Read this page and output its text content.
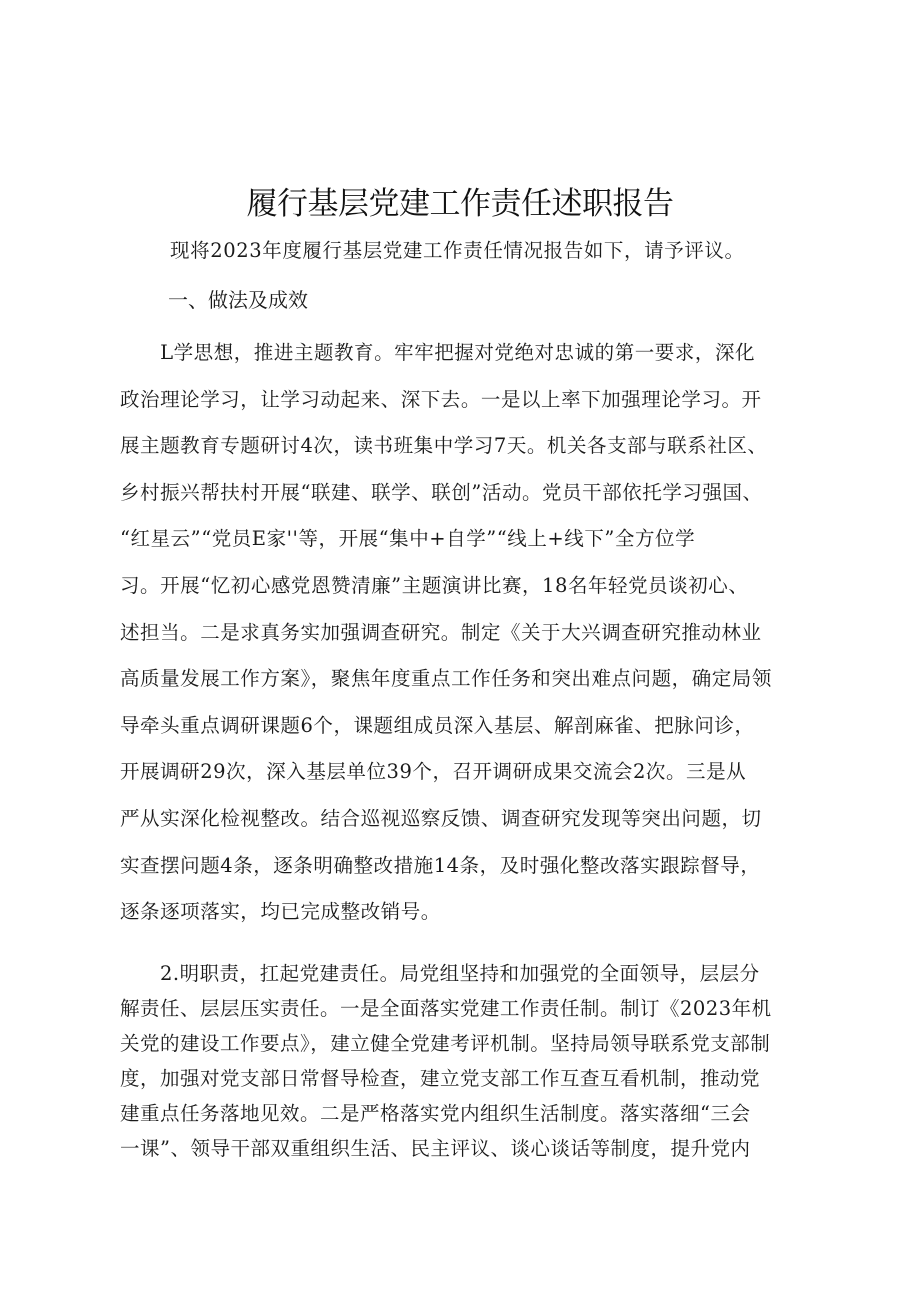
履行基层党建工作责任述职报告

现将2023年度履行基层党建工作责任情况报告如下，请予评议。

一、做法及成效

　　L学思想，推进主题教育。牢牢把握对党绝对忠诚的第一要求，深化
政治理论学习，让学习动起来、深下去。一是以上率下加强理论学习。开
展主题教育专题研讨4次，读书班集中学习7天。机关各支部与联系社区、
乡村振兴帮扶村开展“联建、联学、联创”活动。党员干部依托学习强国、
“红星云”“党员E家''等，开展“集中+自学”“线上+线下”全方位学
习。开展“忆初心感党恩赞清廉”主题演讲比赛，18名年轻党员谈初心、
述担当。二是求真务实加强调查研究。制定《关于大兴调查研究推动林业
高质量发展工作方案》，聚焦年度重点工作任务和突出难点问题，确定局领
导牵头重点调研课题6个，课题组成员深入基层、解剖麻雀、把脉问诊，
开展调研29次，深入基层单位39个，召开调研成果交流会2次。三是从
严从实深化检视整改。结合巡视巡察反馈、调查研究发现等突出问题，切
实查摆问题4条，逐条明确整改措施14条，及时强化整改落实跟踪督导，
逐条逐项落实，均已完成整改销号。

　　2.明职责，扛起党建责任。局党组坚持和加强党的全面领导，层层分
解责任、层层压实责任。一是全面落实党建工作责任制。制订《2023年机
关党的建设工作要点》，建立健全党建考评机制。坚持局领导联系党支部制
度，加强对党支部日常督导检查，建立党支部工作互查互看机制，推动党
建重点任务落地见效。二是严格落实党内组织生活制度。落实落细“三会
一课”、领导干部双重组织生活、民主评议、谈心谈话等制度，提升党内
